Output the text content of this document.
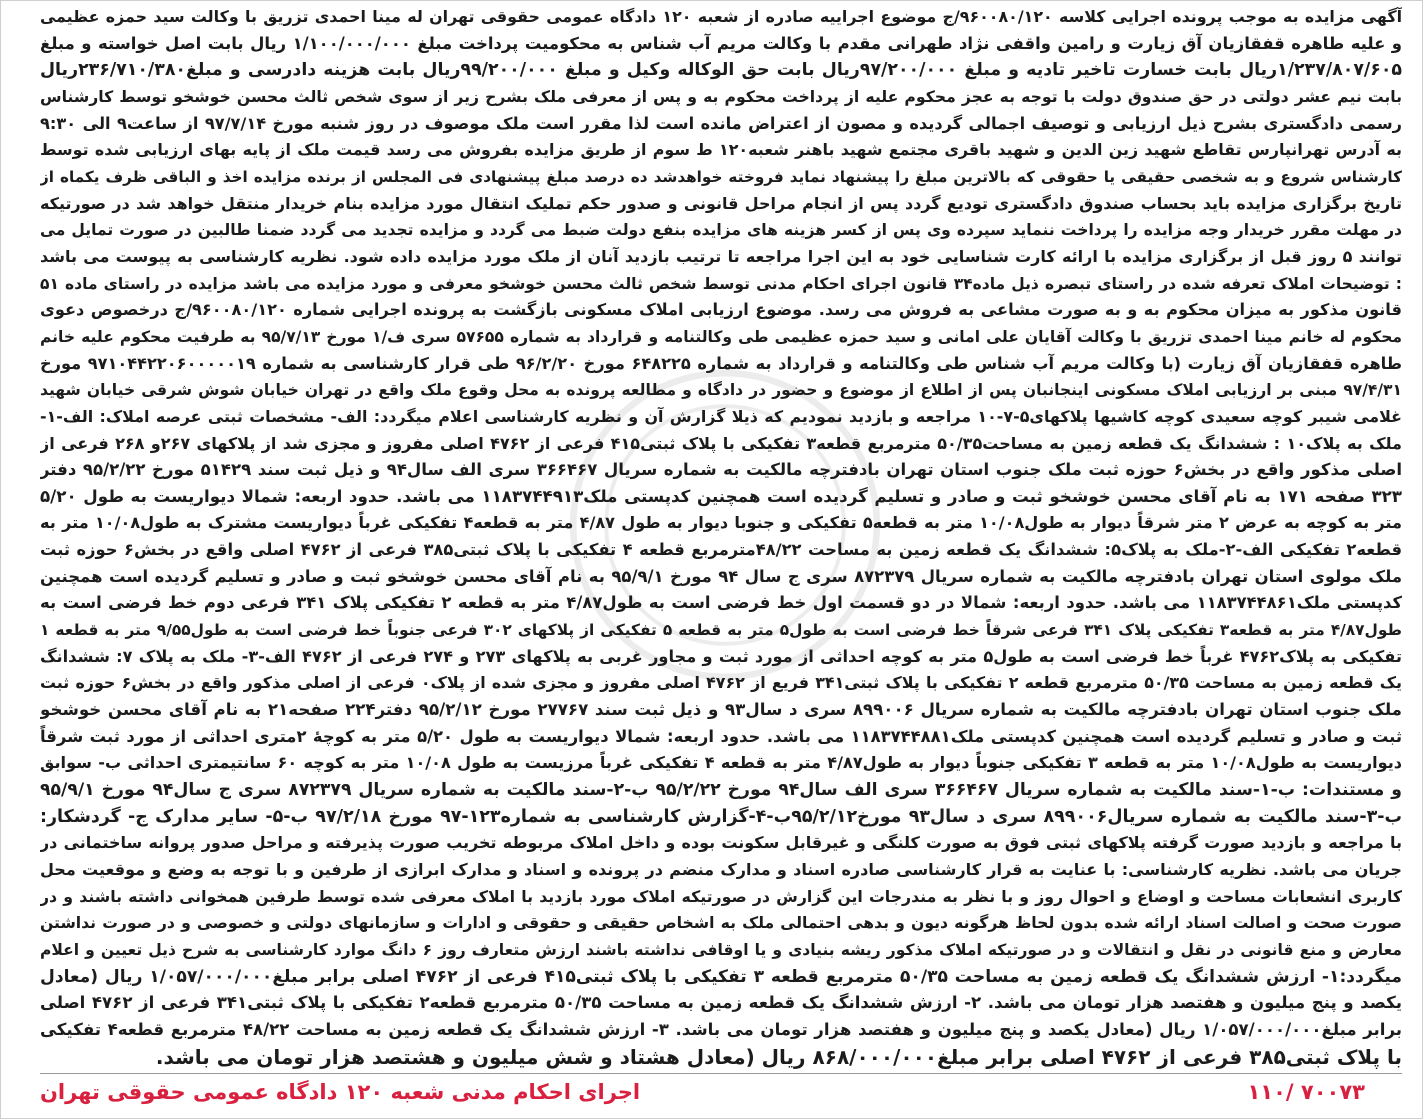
آگهی مزایده به موجب پرونده اجرایی کلاسه ۹۶۰۰۸۰/۱۲۰/ج موضوع اجراییه صادره از شعبه ۱۲۰ دادگاه عمومی حقوقی تهران له مینا احمدی تزریق با وکالت سید حمزه عظیمی
و علیه طاهره قفقازیان آق زیارت و رامین واقفی نژاد طهرانی مقدم با وکالت مریم آب شناس به محکومیت پرداخت مبلغ ۱/۱۰۰/۰۰۰/۰۰۰ ریال بابت اصل خواسته و مبلغ
۱/۲۳۷/۸۰۷/۶۰۵ریال بابت خسارت تاخیر تادیه و مبلغ ۹۷/۲۰۰/۰۰۰ریال بابت حق الوکاله وکیل و مبلغ ۹۹/۲۰۰/۰۰۰ریال بابت هزینه دادرسی و مبلغ۲۳۶/۷۱۰/۳۸۰ریال
بابت نیم عشر دولتی در حق صندوق دولت با توجه به عجز محکوم علیه از پرداخت محکوم به و پس از معرفی ملک بشرح زیر از سوی شخص ثالث محسن خوشخو توسط کارشناس
رسمی دادگستری بشرح ذیل ارزیابی و توصیف اجمالی گردیده و مصون از اعتراض مانده است لذا مقرر است ملک موصوف در روز شنبه مورخ ۹۷/۷/۱۴ از ساعت۹ الی ۹:۳۰
به آدرس تهرانپارس تقاطع شهید زین الدین و شهید باقری مجتمع شهید باهنر شعبه۱۲۰ ط سوم از طریق مزایده بفروش می رسد قیمت ملک از پایه بهای ارزیابی شده توسط
کارشناس شروع و به شخصی حقیقی یا حقوقی که بالاترین مبلغ را پیشنهاد نماید فروخته خواهدشد ده درصد مبلغ پیشنهادی فی المجلس از برنده مزایده اخذ و الباقی ظرف یکماه از
تاریخ برگزاری مزایده باید بحساب صندوق دادگستری تودیع گردد پس از انجام مراحل قانونی و صدور حکم تملیک انتقال مورد مزایده بنام خریدار منتقل خواهد شد در صورتیکه
در مهلت مقرر خریدار وجه مزایده را پرداخت ننماید سپرده وی پس از کسر هزینه های مزایده بنفع دولت ضبط می گردد و مزایده تجدید می گردد ضمنا طالبین در صورت تمایل می
توانند ۵ روز قبل از برگزاری مزایده با ارائه کارت شناسایی خود به این اجرا مراجعه تا ترتیب بازدید آنان از ملک مورد مزایده داده شود. نظریه کارشناسی به پیوست می باشد
: توضیحات املاک تعرفه شده در راستای تبصره ذیل ماده۳۴ قانون اجرای احکام مدنی توسط شخص ثالث محسن خوشخو معرفی و مورد مزایده می باشد مزایده در راستای ماده ۵۱
قانون مذکور به میزان محکوم به و به صورت مشاعی به فروش می رسد. موضوع ارزیابی املاک مسکونی بازگشت به پرونده اجرایی شماره ۹۶۰۰۸۰/۱۲۰/ج درخصوص دعوی
محکوم له خانم مینا احمدی تزریق با وکالت آقایان علی امانی و سید حمزه عظیمی طی وکالتنامه و قرارداد به شماره ۵۷۶۵۵ سری ف/۱ مورخ ۹۵/۷/۱۳ به طرفیت محکوم علیه خانم
طاهره قفقازیان آق زیارت (با وکالت مریم آب شناس طی وکالتنامه و قرارداد به شماره ۶۴۸۲۲۵ مورخ ۹۶/۲/۲۰ طی قرار کارشناسی به شماره ۹۷۱۰۴۴۲۲۰۶۰۰۰۰۰۱۹ مورخ
۹۷/۴/۳۱ مبنی بر ارزیابی املاک مسکونی اینجانبان پس از اطلاع از موضوع و حضور در دادگاه و مطالعه پرونده به محل وقوع ملک واقع در تهران خیابان شوش شرقی خیابان شهید
غلامی شیبر کوچه سعیدی کوچه کاشیها پلاکهای۵-۷-۱۰ مراجعه و بازدید نمودیم که ذیلا گزارش آن و نظریه کارشناسی اعلام میگردد: الف- مشخصات ثبتی عرصه املاک: الف-۱-
ملک به پلاک۱۰ : ششدانگ یک قطعه زمین به مساحت۵۰/۳۵ مترمربع قطعه۳ تفکیکی با پلاک ثبتی۴۱۵ فرعی از ۴۷۶۲ اصلی مفروز و مجزی شد از پلاکهای ۲۶۷و ۲۶۸ فرعی از
اصلی مذکور واقع در بخش۶ حوزه ثبت ملک جنوب استان تهران بادفترچه مالکیت به شماره سریال ۳۶۶۴۶۷ سری الف سال۹۴ و ذیل ثبت سند ۵۱۴۲۹ مورخ ۹۵/۲/۲۲ دفتر
۳۲۳ صفحه ۱۷۱ به نام آقای محسن خوشخو ثبت و صادر و تسلیم گردیده است همچنین کدپستی ملک۱۱۸۳۷۴۴۹۱۳ می باشد. حدود اربعه: شمالا دیواریست به طول ۵/۲۰
متر به کوچه به عرض ۲ متر شرقاً دیوار به طول۱۰/۰۸ متر به قطعه۵ تفکیکی و جنوبا دیوار به طول ۴/۸۷ متر به قطعه۴ تفکیکی غرباً دیواریست مشترک به طول۱۰/۰۸ متر به
قطعه۲ تفکیکی الف-۲-ملک به پلاک۵: ششدانگ یک قطعه زمین به مساحت ۴۸/۲۲مترمربع قطعه ۴ تفکیکی با پلاک ثبتی۳۸۵ فرعی از ۴۷۶۲ اصلی واقع در بخش۶ حوزه ثبت
ملک مولوی استان تهران بادفترچه مالکیت به شماره سریال ۸۷۲۳۷۹ سری ج سال ۹۴ مورخ ۹۵/۹/۱ به نام آقای محسن خوشخو ثبت و صادر و تسلیم گردیده است همچنین
کدپستی ملک۱۱۸۳۷۴۴۸۶۱ می باشد. حدود اربعه: شمالا در دو قسمت اول خط فرضی است به طول۴/۸۷ متر به قطعه ۲ تفکیکی پلاک ۳۴۱ فرعی دوم خط فرضی است به
طول۴/۸۷ متر به قطعه۳ تفکیکی پلاک ۳۴۱ فرعی شرقاً خط فرضی است به طول۵ متر به قطعه ۵ تفکیکی از پلاکهای ۳۰۲ فرعی جنوباً خط فرضی است به طول۹/۵۵ متر به قطعه ۱
تفکیکی به پلاک۴۷۶۲ غرباً خط فرضی است به طول۵ متر به کوچه احداثی از مورد ثبت و مجاور غربی به پلاکهای ۲۷۳ و ۲۷۴ فرعی از ۴۷۶۲ الف-۳- ملک به پلاک ۷: ششدانگ
یک قطعه زمین به مساحت ۵۰/۳۵ مترمربع قطعه ۲ تفکیکی با پلاک ثبتی۳۴۱ فریع از ۴۷۶۲ اصلی مفروز و مجزی شده از پلاک۰ فرعی از اصلی مذکور واقع در بخش۶ حوزه ثبت
ملک جنوب استان تهران بادفترچه مالکیت به شماره سریال ۸۹۹۰۰۶ سری د سال۹۳ و ذیل ثبت سند ۲۷۷۶۷ مورخ ۹۵/۲/۱۲ دفتر۲۲۴ صفحه۲۱ به نام آقای محسن خوشخو
ثبت و صادر و تسلیم گردیده است همچنین کدپستی ملک۱۱۸۳۷۴۴۸۸۱ می باشد. حدود اربعه: شمالا دیواریست به طول ۵/۲۰ متر به کوچۀ ۲متری احداثی از مورد ثبت شرقاً
دیواریست به طول۱۰/۰۸ متر به قطعه ۳ تفکیکی جنوباً دیوار به طول۴/۸۷ متر به قطعه ۴ تفکیکی غرباً مرزیست به طول ۱۰/۰۸ متر به کوچه ۶۰ سانتیمتری احداثی ب- سوابق
و مستندات: ب-۱-سند مالکیت به شماره سریال ۳۶۶۴۶۷ سری الف سال۹۴ مورخ ۹۵/۲/۲۲ ب-۲-سند مالکیت به شماره سریال ۸۷۲۳۷۹ سری ج سال۹۴ مورخ ۹۵/۹/۱
ب-۳-سند مالکیت به شماره سریال۸۹۹۰۰۶ سری د سال۹۳ مورخ۹۵/۲/۱۲ب-۴-گزارش کارشناسی به شماره۱۲۳-۹۷ مورخ ۹۷/۲/۱۸ ب-۵- سایر مدارک ج- گردشکار:
با مراجعه و بازدید صورت گرفته پلاکهای ثبتی فوق به صورت کلنگی و غیرقابل سکونت بوده و داخل املاک مربوطه تخریب صورت پذیرفته و مراحل صدور پروانه ساختمانی در
جریان می باشد. نظریه کارشناسی: با عنایت به قرار کارشناسی صادره اسناد و مدارک منضم در پرونده و اسناد و مدارک ابرازی از طرفین و با توجه به وضع و موقعیت محل
کاربری انشعابات مساحت و اوضاع و احوال روز و با نظر به مندرجات این گزارش در صورتیکه املاک مورد بازدید با املاک معرفی شده توسط طرفین همخوانی داشته باشند و در
صورت صحت و اصالت اسناد ارائه شده بدون لحاظ هرگونه دیون و بدهی احتمالی ملک به اشخاص حقیقی و حقوقی و ادارات و سازمانهای دولتی و خصوصی و در صورت نداشتن
معارض و منع قانونی در نقل و انتقالات و در صورتیکه املاک مذکور ریشه بنیادی و یا اوقافی نداشته باشند ارزش متعارف روز ۶ دانگ موارد کارشناسی به شرح ذیل تعیین و اعلام
میگردد:۱- ارزش ششدانگ یک قطعه زمین به مساحت ۵۰/۳۵ مترمربع قطعه ۳ تفکیکی با پلاک ثبتی۴۱۵ فرعی از ۴۷۶۲ اصلی برابر مبلغ۱/۰۵۷/۰۰۰/۰۰۰ ریال (معادل
یکصد و پنج میلیون و هفتصد هزار تومان می باشد. ۲- ارزش ششدانگ یک قطعه زمین به مساحت ۵۰/۳۵ مترمربع قطعه۲ تفکیکی با پلاک ثبتی۳۴۱ فرعی از ۴۷۶۲ اصلی
برابر مبلغ۱/۰۵۷/۰۰۰/۰۰۰ ریال (معادل یکصد و پنج میلیون و هفتصد هزار تومان می باشد. ۳- ارزش ششدانگ یک قطعه زمین به مساحت ۴۸/۲۲ مترمربع قطعه۴ تفکیکی
با پلاک ثبتی۳۸۵ فرعی از ۴۷۶۲ اصلی برابر مبلغ۸۶۸/۰۰۰/۰۰۰ ریال (معادل هشتاد و شش میلیون و هشتصد هزار تومان می باشد.
اجرای احکام مدنی شعبه ۱۲۰ دادگاه عمومی حقوقی تهران	۱۱۰/ ۷۰۰۷۳
